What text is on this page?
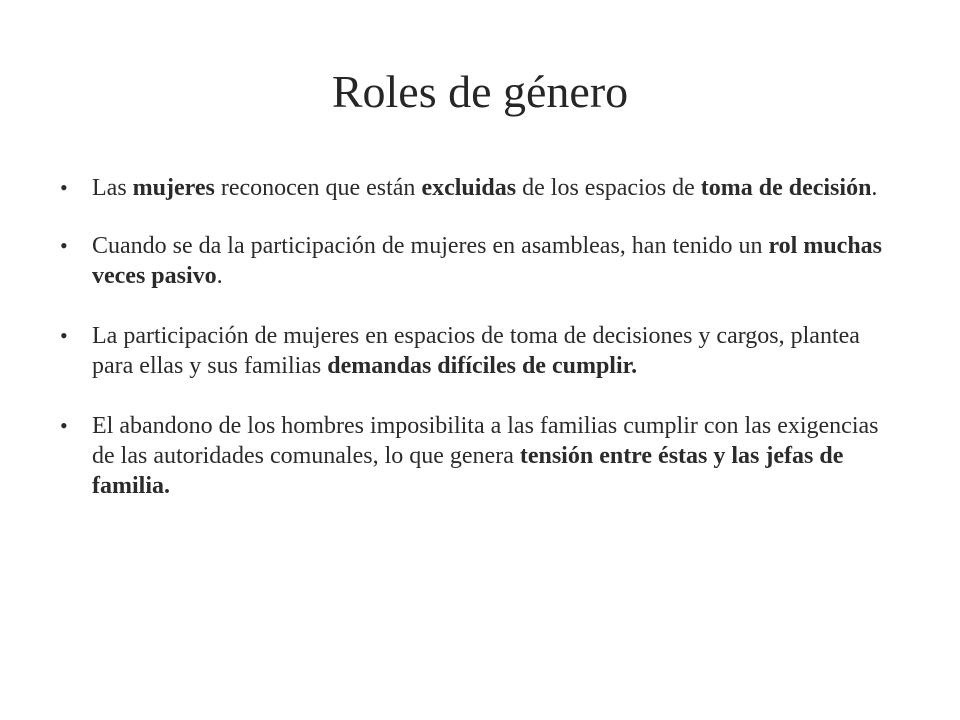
Roles de género
•	Las mujeres reconocen que están excluidas de los espacios de toma de decisión.
•	Cuando se da la participación de mujeres en asambleas, han tenido un rol muchas veces pasivo.
•	La participación de mujeres en espacios de toma de decisiones y cargos, plantea para ellas y sus familias demandas difíciles de cumplir.
•	El abandono de los hombres imposibilita a las familias cumplir con las exigencias de las autoridades comunales, lo que genera tensión entre éstas y las jefas de familia.
